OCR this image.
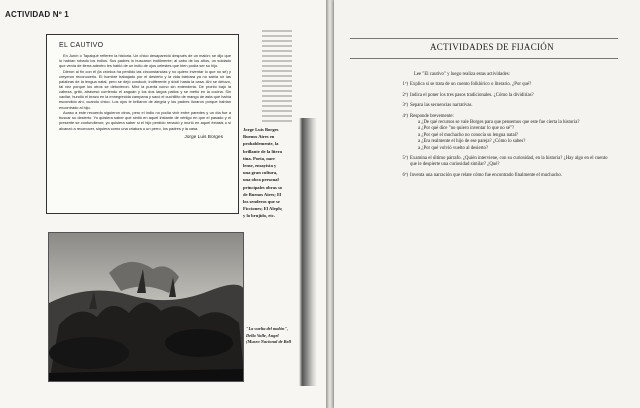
ACTIVIDAD Nº 1
EL CAUTIVO

En Junín o Tapalqué refieren la historia. Un chico desapareció después de un malón; se dijo que lo habían robado los indios. Sus padres lo buscaron inútilmente; al cabo de los años, un soldado que venía de tierra adentro les habló de un indio de ojos celestes que bien podía ser su hijo.

Dieron al fin con él (la crónica ha perdido las circunstancias y no quiero inventar lo que no sé) y creyeron reconocerlo. El hombre trabajado por el desierto y la vida bárbara ya no sabía oír las palabras de la lengua natal, pero se dejó conducir, indiferente y dócil hasta la casa. Ahí se detuvo, tal vez porque los otros se detuvieron. Miró la puerta como sin entenderla. De pronto bajó la cabeza, gritó, atravesó corriendo el zaguán y los dos largos patios y se metió en la cocina. Sin vacilar, hundió el brazo en la ennegrecida campana y sacó el cuchillito de mango de asta que había escondido ahí, cuando chico. Los ojos le brillaron de alegría y los padres lloraron porque habían encontrado al hijo.

Acaso a este recuerdo siguieron otros, pero el indio no podía vivir entre paredes y un día fue a buscar su desierto. Yo quisiera saber qué sintió en aquel instante de vértigo en que el pasado y el presente se confundieron; yo quisiera saber si el hijo perdido renació y murió en aquel éxtasis o si alcanzó a reconocer, siquiera como una criatura o un perro, los padres y la casa.

Jorge Luis Borges
Jorge Luis Borges
Buenos Aires en
probablemente, la
brillante de la litera
tina. Poeta, narr
lense, ensayista y
una gran cultura,
una obra personal
principales obras so
de Buenos Aires; El
los senderos que se
Ficciones; El Aleph;
y lo brujido, etc.
"La vuelta del malón",
Della Valle, Angel
(Museo Nacional de Bell
ACTIVIDADES DE FIJACIÓN

Lee "El cautivo" y luego realiza estas actividades:

1º) Explica si se trata de un cuento folklórico o literario. ¿Por qué?

2º) Indica el poner los tres pasos tradicionales. ¿Cómo la dividirías?

3º) Separa las secuencias narrativas.

4º) Responde brevemente:

a ¿De qué recursos se vale Borges para que pensemos que este fue cierta la historia?
a ¿Por qué dice "no quiero inventar lo que no sé"?
a ¿Por qué el muchacho no conocía su lengua natal?
a ¿Era realmente el hijo de ese pareja? ¿Cómo lo sabes?
a ¿Por qué volvió vuelto al desierto?

5º) Examina el último párrafo. ¿Quién interviene, con su curiosidad, en la historia? ¿Hay algo en el cuento que le despierte una curiosidad similar? ¿Qué?

6º) Inventa una narración que relate cómo fue encontrado finalmente el muchacho.
